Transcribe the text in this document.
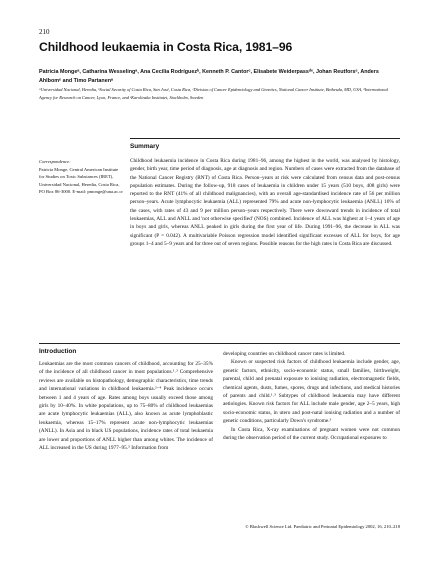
210
Childhood leukaemia in Costa Rica, 1981–96
Patricia Mongeᵃ, Catharina Wesselingᵃ, Ana Cecilia Rodríguezᵇ, Kenneth P. Cantorᶜ, Elisabete Weiderpassᵈᵉ, Johan Reutforsᵉ, Anders Ahlbomᵉ and Timo Partanenᵃ
ᵃUniversidad Nacional, Heredia, ᵇSocial Security of Costa Rica, San José, Costa Rica, ᶜDivision of Cancer Epidemiology and Genetics, National Cancer Institute, Bethesda, MD, USA, ᵈInternational Agency for Research on Cancer, Lyon, France, and ᵉKarolinska Institutet, Stockholm, Sweden
Summary
Correspondence:
Patricia Monge, Central American Institute for Studies on Toxic Substances (IRET), Universidad Nacional, Heredia, Costa Rica, PO Box 86-3000. E-mail: pmonge@una.ac.cr
Childhood leukaemia incidence in Costa Rica during 1981–96, among the highest in the world, was analysed by histology, gender, birth year, time period of diagnosis, age at diagnosis and region. Numbers of cases were extracted from the database of the National Cancer Registry (RNT) of Costa Rica. Person–years at risk were calculated from census data and post-census population estimates. During the follow-up, 918 cases of leukaemia in children under 15 years (510 boys, 408 girls) were reported to the RNT (41% of all childhood malignancies), with an overall age-standardised incidence rate of 56 per million person–years. Acute lymphocytic leukaemia (ALL) represented 79% and acute non-lymphocytic leukaemia (ANLL) 16% of the cases, with rates of 43 and 9 per million person–years respectively. There were downward trends in incidence of total leukaemias, ALL and ANLL and 'not otherwise specified' (NOS) combined. Incidence of ALL was highest at 1–4 years of age in boys and girls, whereas ANLL peaked in girls during the first year of life. During 1991–96, the decrease in ALL was significant (P = 0.042). A multivariable Poisson regression model identified significant excesses of ALL for boys, for age groups 1–4 and 5–9 years and for three out of seven regions. Possible reasons for the high rates in Costa Rica are discussed.
Introduction

Leukaemias are the most common cancers of childhood, accounting for 25–35% of the incidence of all childhood cancer in most populations.¹˒² Comprehensive reviews are available on histopathology, demographic characteristics, time trends and international variations in childhood leukaemia.²⁻⁴ Peak incidence occurs between 1 and 4 years of age. Rates among boys usually exceed those among girls by 10–40%. In white populations, up to 75–80% of childhood leukaemias are acute lymphocytic leukaemias (ALL), also known as acute lymphoblastic leukaemia, whereas 15–17% represent acute non-lymphocytic leukaemias (ANLL). In Asia and in black US populations, incidence rates of total leukaemia are lower and proportions of ANLL higher than among whites. The incidence of ALL increased in the US during 1977–95.⁵ Information from

developing countries on childhood cancer rates is limited.

Known or suspected risk factors of childhood leukaemia include gender, age, genetic factors, ethnicity, socio-economic status, small families, birthweight, parental, child and prenatal exposure to ionising radiation, electromagnetic fields, chemical agents, dusts, fumes, spores, drugs and infections, and medical histories of parents and child.¹˒³ Subtypes of childhood leukaemia may have different aetiologies. Known risk factors for ALL include male gender, age 2–5 years, high socio-economic status, in utero and post-natal ionising radiation and a number of genetic conditions, particularly Down's syndrome.³

In Costa Rica, X-ray examinations of pregnant women were not common during the observation period of the current study. Occupational exposures to

© Blackwell Science Ltd. Paediatric and Perinatal Epidemiology 2002, 16, 210–218
